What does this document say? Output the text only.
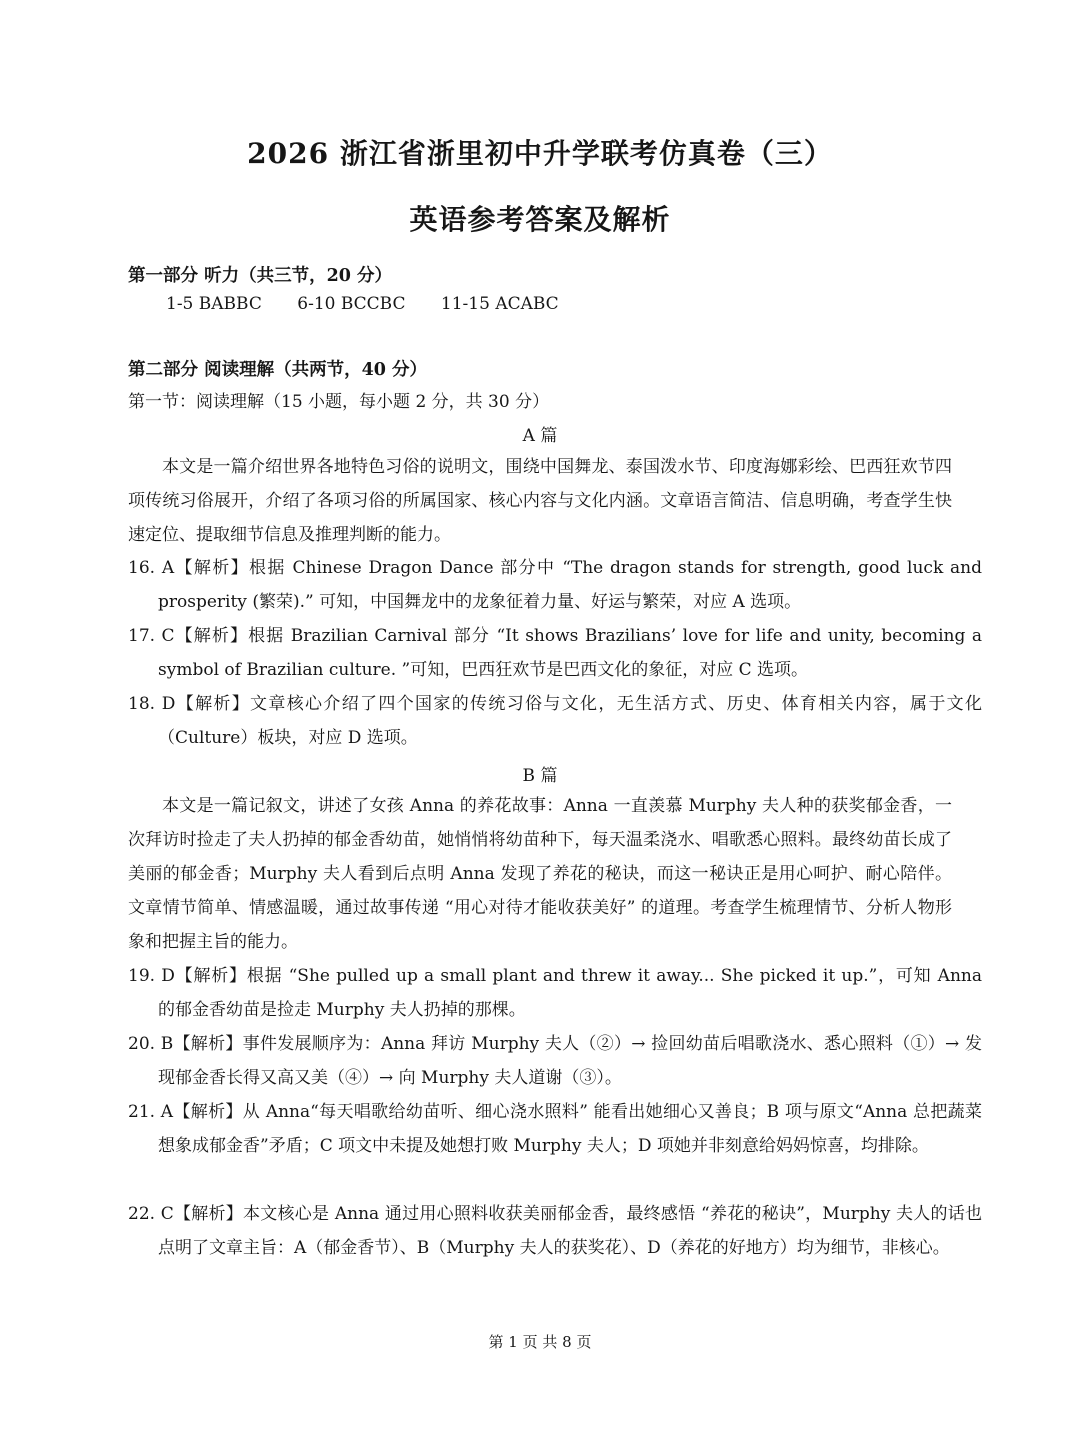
2026 浙江省浙里初中升学联考仿真卷（三）
英语参考答案及解析
第一部分 听力（共三节，20 分）
1-5 BABBC 6-10 BCCBC 11-15 ACABC
第二部分 阅读理解（共两节，40 分）
第一节：阅读理解（15 小题，每小题 2 分，共 30 分）
A 篇

本文是一篇介绍世界各地特色习俗的说明文，围绕中国舞龙、泰国泼水节、印度海娜彩绘、巴西狂欢节四项传统习俗展开，介绍了各项习俗的所属国家、核心内容与文化内涵。文章语言简洁、信息明确，考查学生快速定位、提取细节信息及推理判断的能力。

16. A【解析】根据 Chinese Dragon Dance 部分中 “The dragon stands for strength, good luck and prosperity (繁荣).” 可知，中国舞龙中的龙象征着力量、好运与繁荣，对应 A 选项。
17. C【解析】根据 Brazilian Carnival 部分 “It shows Brazilians’ love for life and unity, becoming a symbol of Brazilian culture. ”可知，巴西狂欢节是巴西文化的象征，对应 C 选项。
18. D【解析】文章核心介绍了四个国家的传统习俗与文化，无生活方式、历史、体育相关内容，属于文化（Culture）板块，对应 D 选项。
B 篇

本文是一篇记叙文，讲述了女孩 Anna 的养花故事：Anna 一直羡慕 Murphy 夫人种的获奖郁金香，一次拜访时捡走了夫人扔掉的郁金香幼苗，她悄悄将幼苗种下，每天温柔浇水、唱歌悉心照料。最终幼苗长成了美丽的郁金香；Murphy 夫人看到后点明 Anna 发现了养花的秘诀，而这一秘诀正是用心呵护、耐心陪伴。文章情节简单、情感温暖，通过故事传递 “用心对待才能收获美好” 的道理。考查学生梳理情节、分析人物形象和把握主旨的能力。

19. D【解析】根据 “She pulled up a small plant and threw it away... She picked it up.”，可知 Anna 的郁金香幼苗是捡走 Murphy 夫人扔掉的那棵。
20. B【解析】事件发展顺序为：Anna 拜访 Murphy 夫人（②）→ 捡回幼苗后唱歌浇水、悉心照料（①）→ 发现郁金香长得又高又美（④）→ 向 Murphy 夫人道谢（③）。
21. A【解析】从 Anna“每天唱歌给幼苗听、细心浇水照料” 能看出她细心又善良；B 项与原文“Anna 总把蔬菜想象成郁金香”矛盾；C 项文中未提及她想打败 Murphy 夫人；D 项她并非刻意给妈妈惊喜，均排除。
22. C【解析】本文核心是 Anna 通过用心照料收获美丽郁金香，最终感悟 “养花的秘诀”，Murphy 夫人的话也点明了文章主旨：A（郁金香节）、B（Murphy 夫人的获奖花）、D（养花的好地方）均为细节，非核心。
第 1 页 共 8 页
